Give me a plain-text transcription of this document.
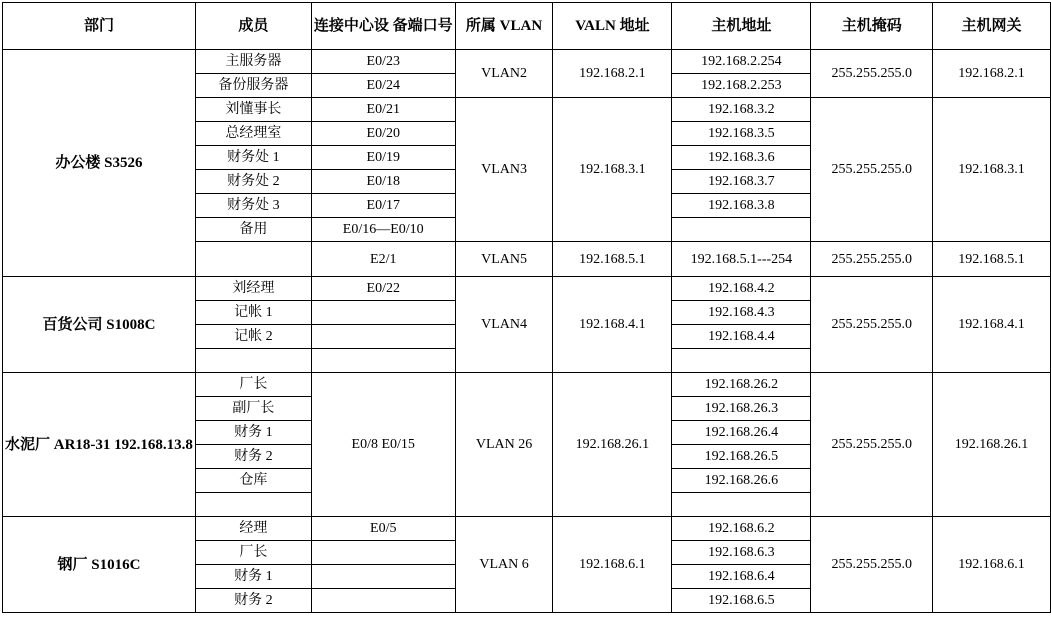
部门	成员	连接中心设 备端口号	所属 VLAN	VALN 地址	主机地址	主机掩码	主机网关
办公楼 S3526	主服务器	E0/23	VLAN2	192.168.2.1	192.168.2.254	255.255.255.0	192.168.2.1
	备份服务器	E0/24			192.168.2.253		
	刘懂事长	E0/21	VLAN3	192.168.3.1	192.168.3.2	255.255.255.0	192.168.3.1
	总经理室	E0/20			192.168.3.5		
	财务处 1	E0/19			192.168.3.6		
	财务处 2	E0/18			192.168.3.7		
	财务处 3	E0/17			192.168.3.8		
	备用	E0/16—E0/10					
		E2/1	VLAN5	192.168.5.1	192.168.5.1---254	255.255.255.0	192.168.5.1
百货公司 S1008C	刘经理	E0/22	VLAN4	192.168.4.1	192.168.4.2	255.255.255.0	192.168.4.1
	记帐 1				192.168.4.3		
	记帐 2				192.168.4.4		

水泥厂 AR18-31 192.168.13.8	厂长	E0/8 E0/15	VLAN 26	192.168.26.1	192.168.26.2	255.255.255.0	192.168.26.1
	副厂长				192.168.26.3		
	财务 1				192.168.26.4		
	财务 2				192.168.26.5		
	仓库				192.168.26.6		

钢厂 S1016C	经理	E0/5	VLAN 6	192.168.6.1	192.168.6.2	255.255.255.0	192.168.6.1
	厂长				192.168.6.3		
	财务 1				192.168.6.4		
	财务 2				192.168.6.5		
